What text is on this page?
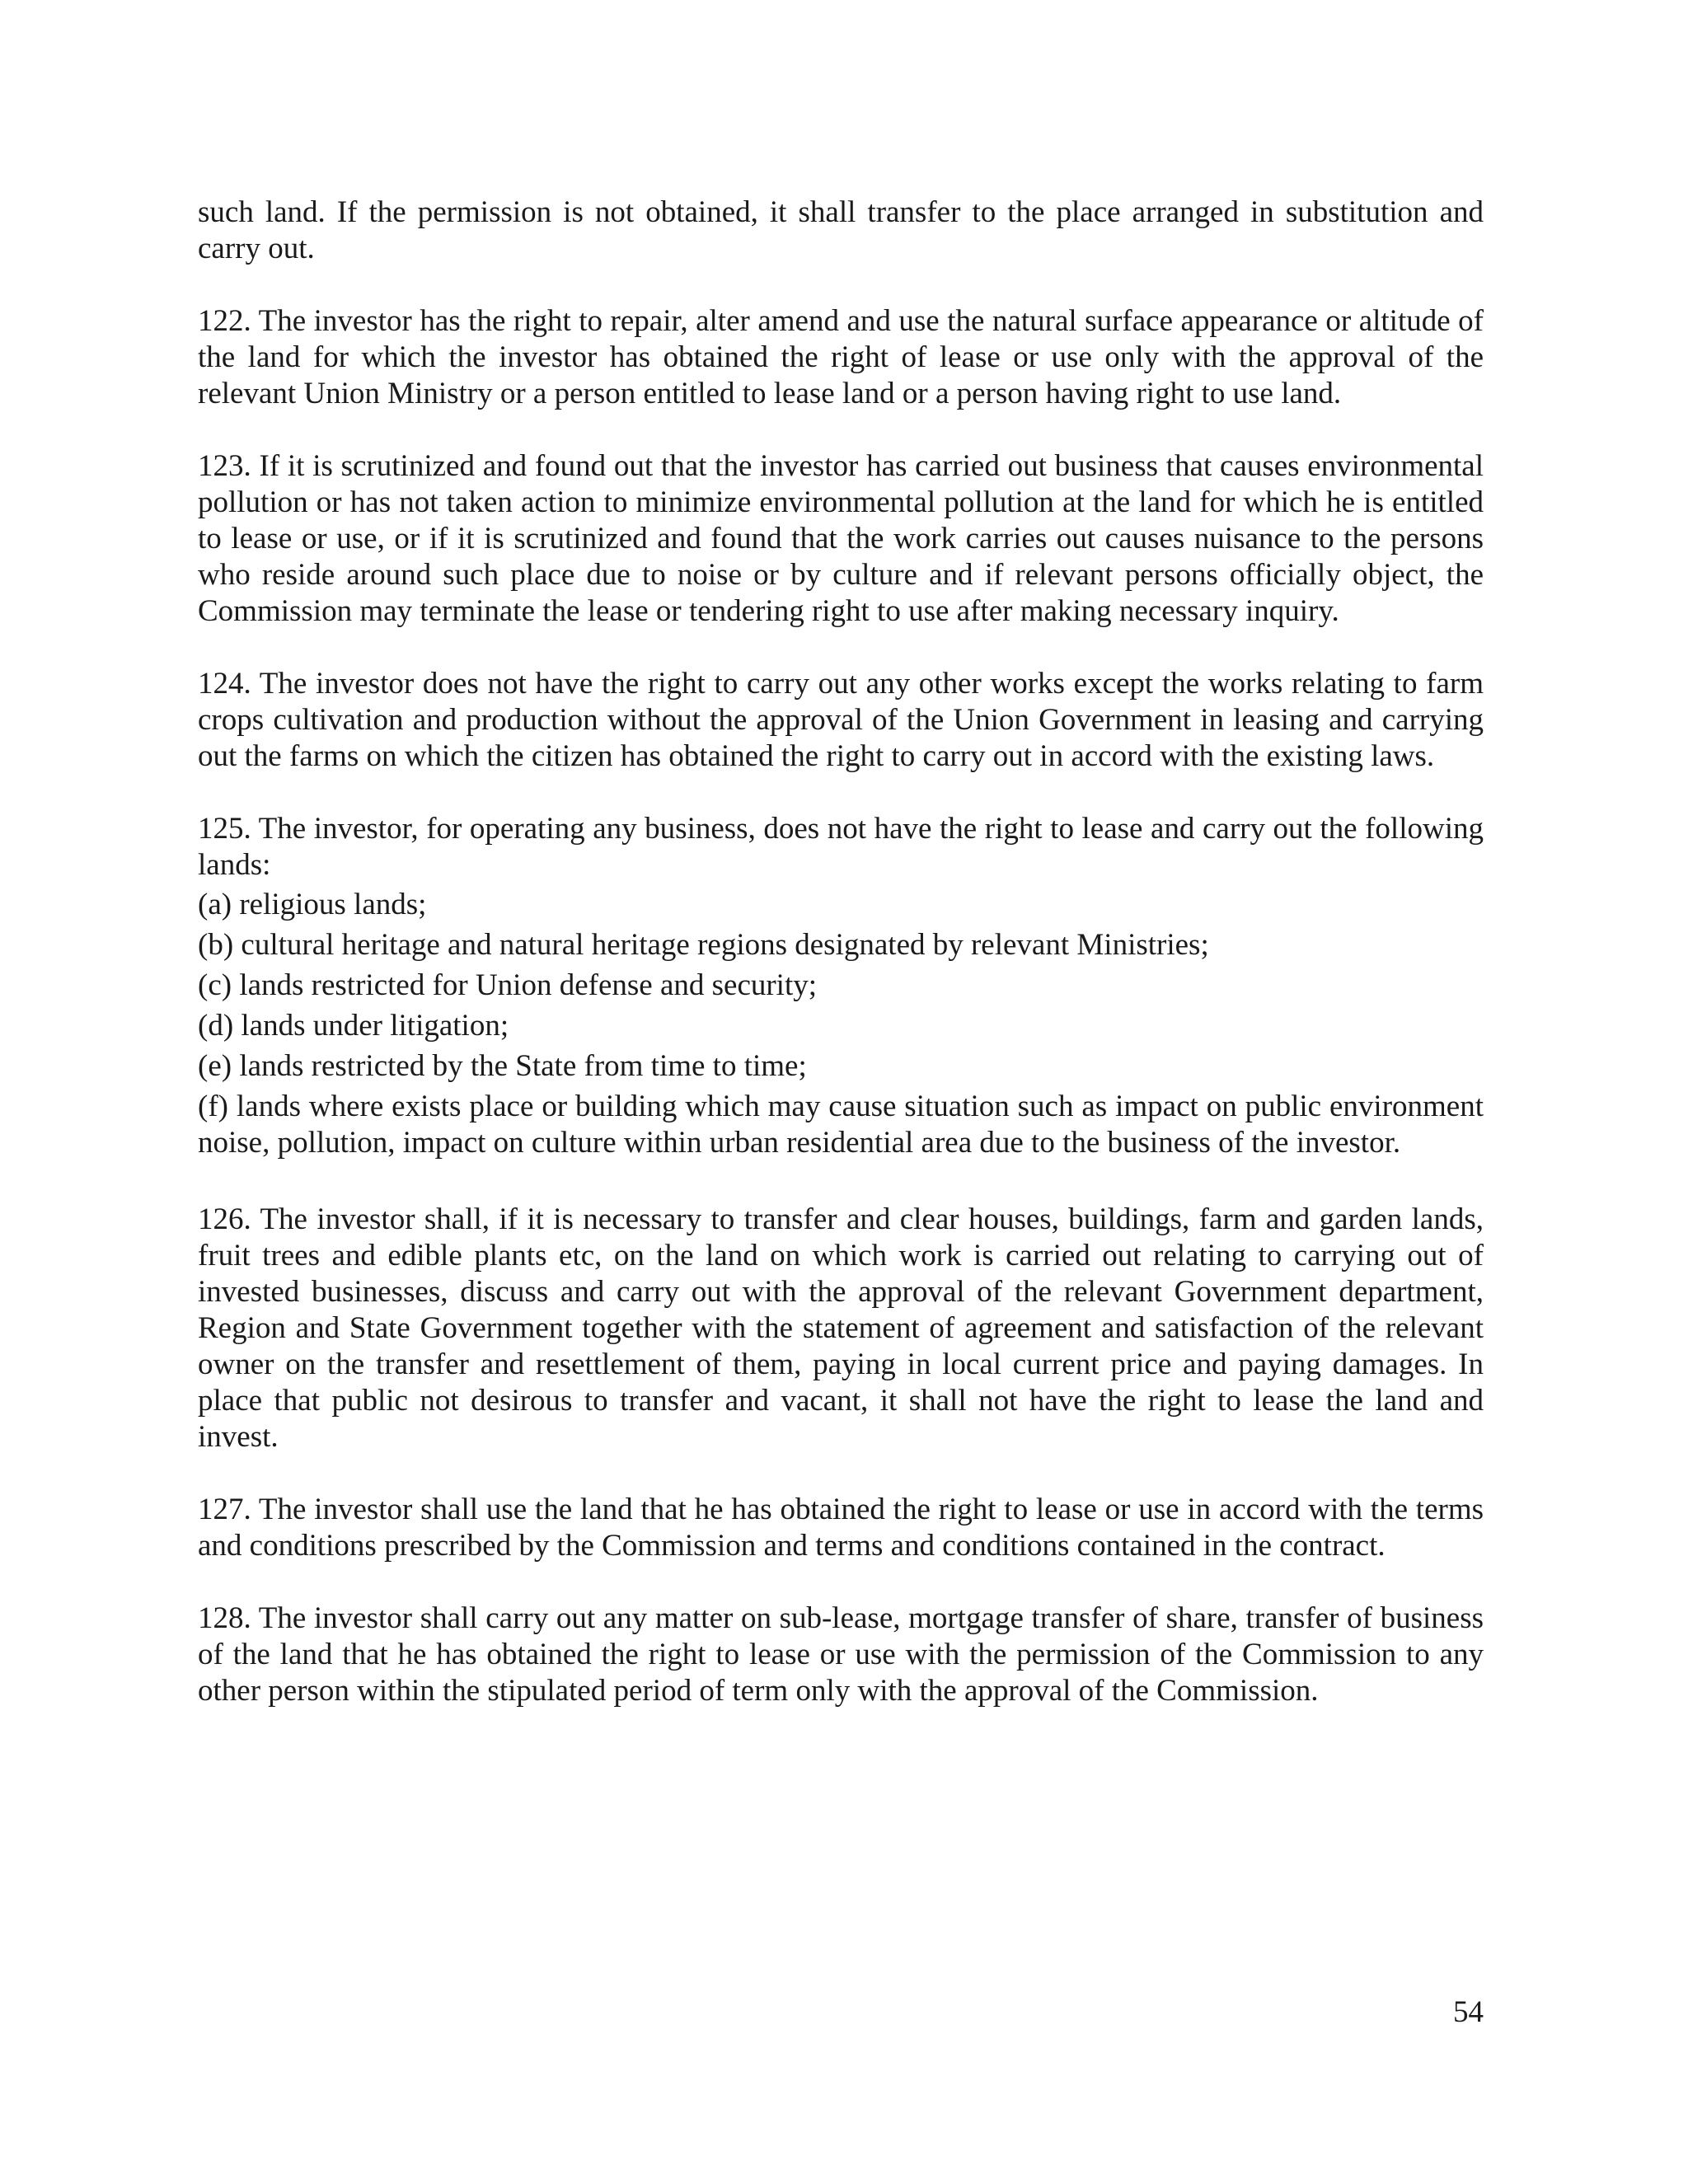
such land. If the permission is not obtained, it shall transfer to the place arranged in substitution and carry out.

122. The investor has the right to repair, alter amend and use the natural surface appearance or altitude of the land for which the investor has obtained the right of lease or use only with the approval of the relevant Union Ministry or a person entitled to lease land or a person having right to use land.

123. If it is scrutinized and found out that the investor has carried out business that causes environmental pollution or has not taken action to minimize environmental pollution at the land for which he is entitled to lease or use, or if it is scrutinized and found that the work carries out causes nuisance to the persons who reside around such place due to noise or by culture and if relevant persons officially object, the Commission may terminate the lease or tendering right to use after making necessary inquiry.

124. The investor does not have the right to carry out any other works except the works relating to farm crops cultivation and production without the approval of the Union Government in leasing and carrying out the farms on which the citizen has obtained the right to carry out in accord with the existing laws.

125. The investor, for operating any business, does not have the right to lease and carry out the following lands:

(a) religious lands;

(b) cultural heritage and natural heritage regions designated by relevant Ministries;

(c) lands restricted for Union defense and security;

(d) lands under litigation;

(e) lands restricted by the State from time to time;

(f) lands where exists place or building which may cause situation such as impact on public environment noise, pollution, impact on culture within urban residential area due to the business of the investor.

126. The investor shall, if it is necessary to transfer and clear houses, buildings, farm and garden lands, fruit trees and edible plants etc, on the land on which work is carried out relating to carrying out of invested businesses, discuss and carry out with the approval of the relevant Government department, Region and State Government together with the statement of agreement and satisfaction of the relevant owner on the transfer and resettlement of them, paying in local current price and paying damages. In place that public not desirous to transfer and vacant, it shall not have the right to lease the land and invest.

127. The investor shall use the land that he has obtained the right to lease or use in accord with the terms and conditions prescribed by the Commission and terms and conditions contained in the contract.

128. The investor shall carry out any matter on sub-lease, mortgage transfer of share, transfer of business of the land that he has obtained the right to lease or use with the permission of the Commission to any other person within the stipulated period of term only with the approval of the Commission.

54
